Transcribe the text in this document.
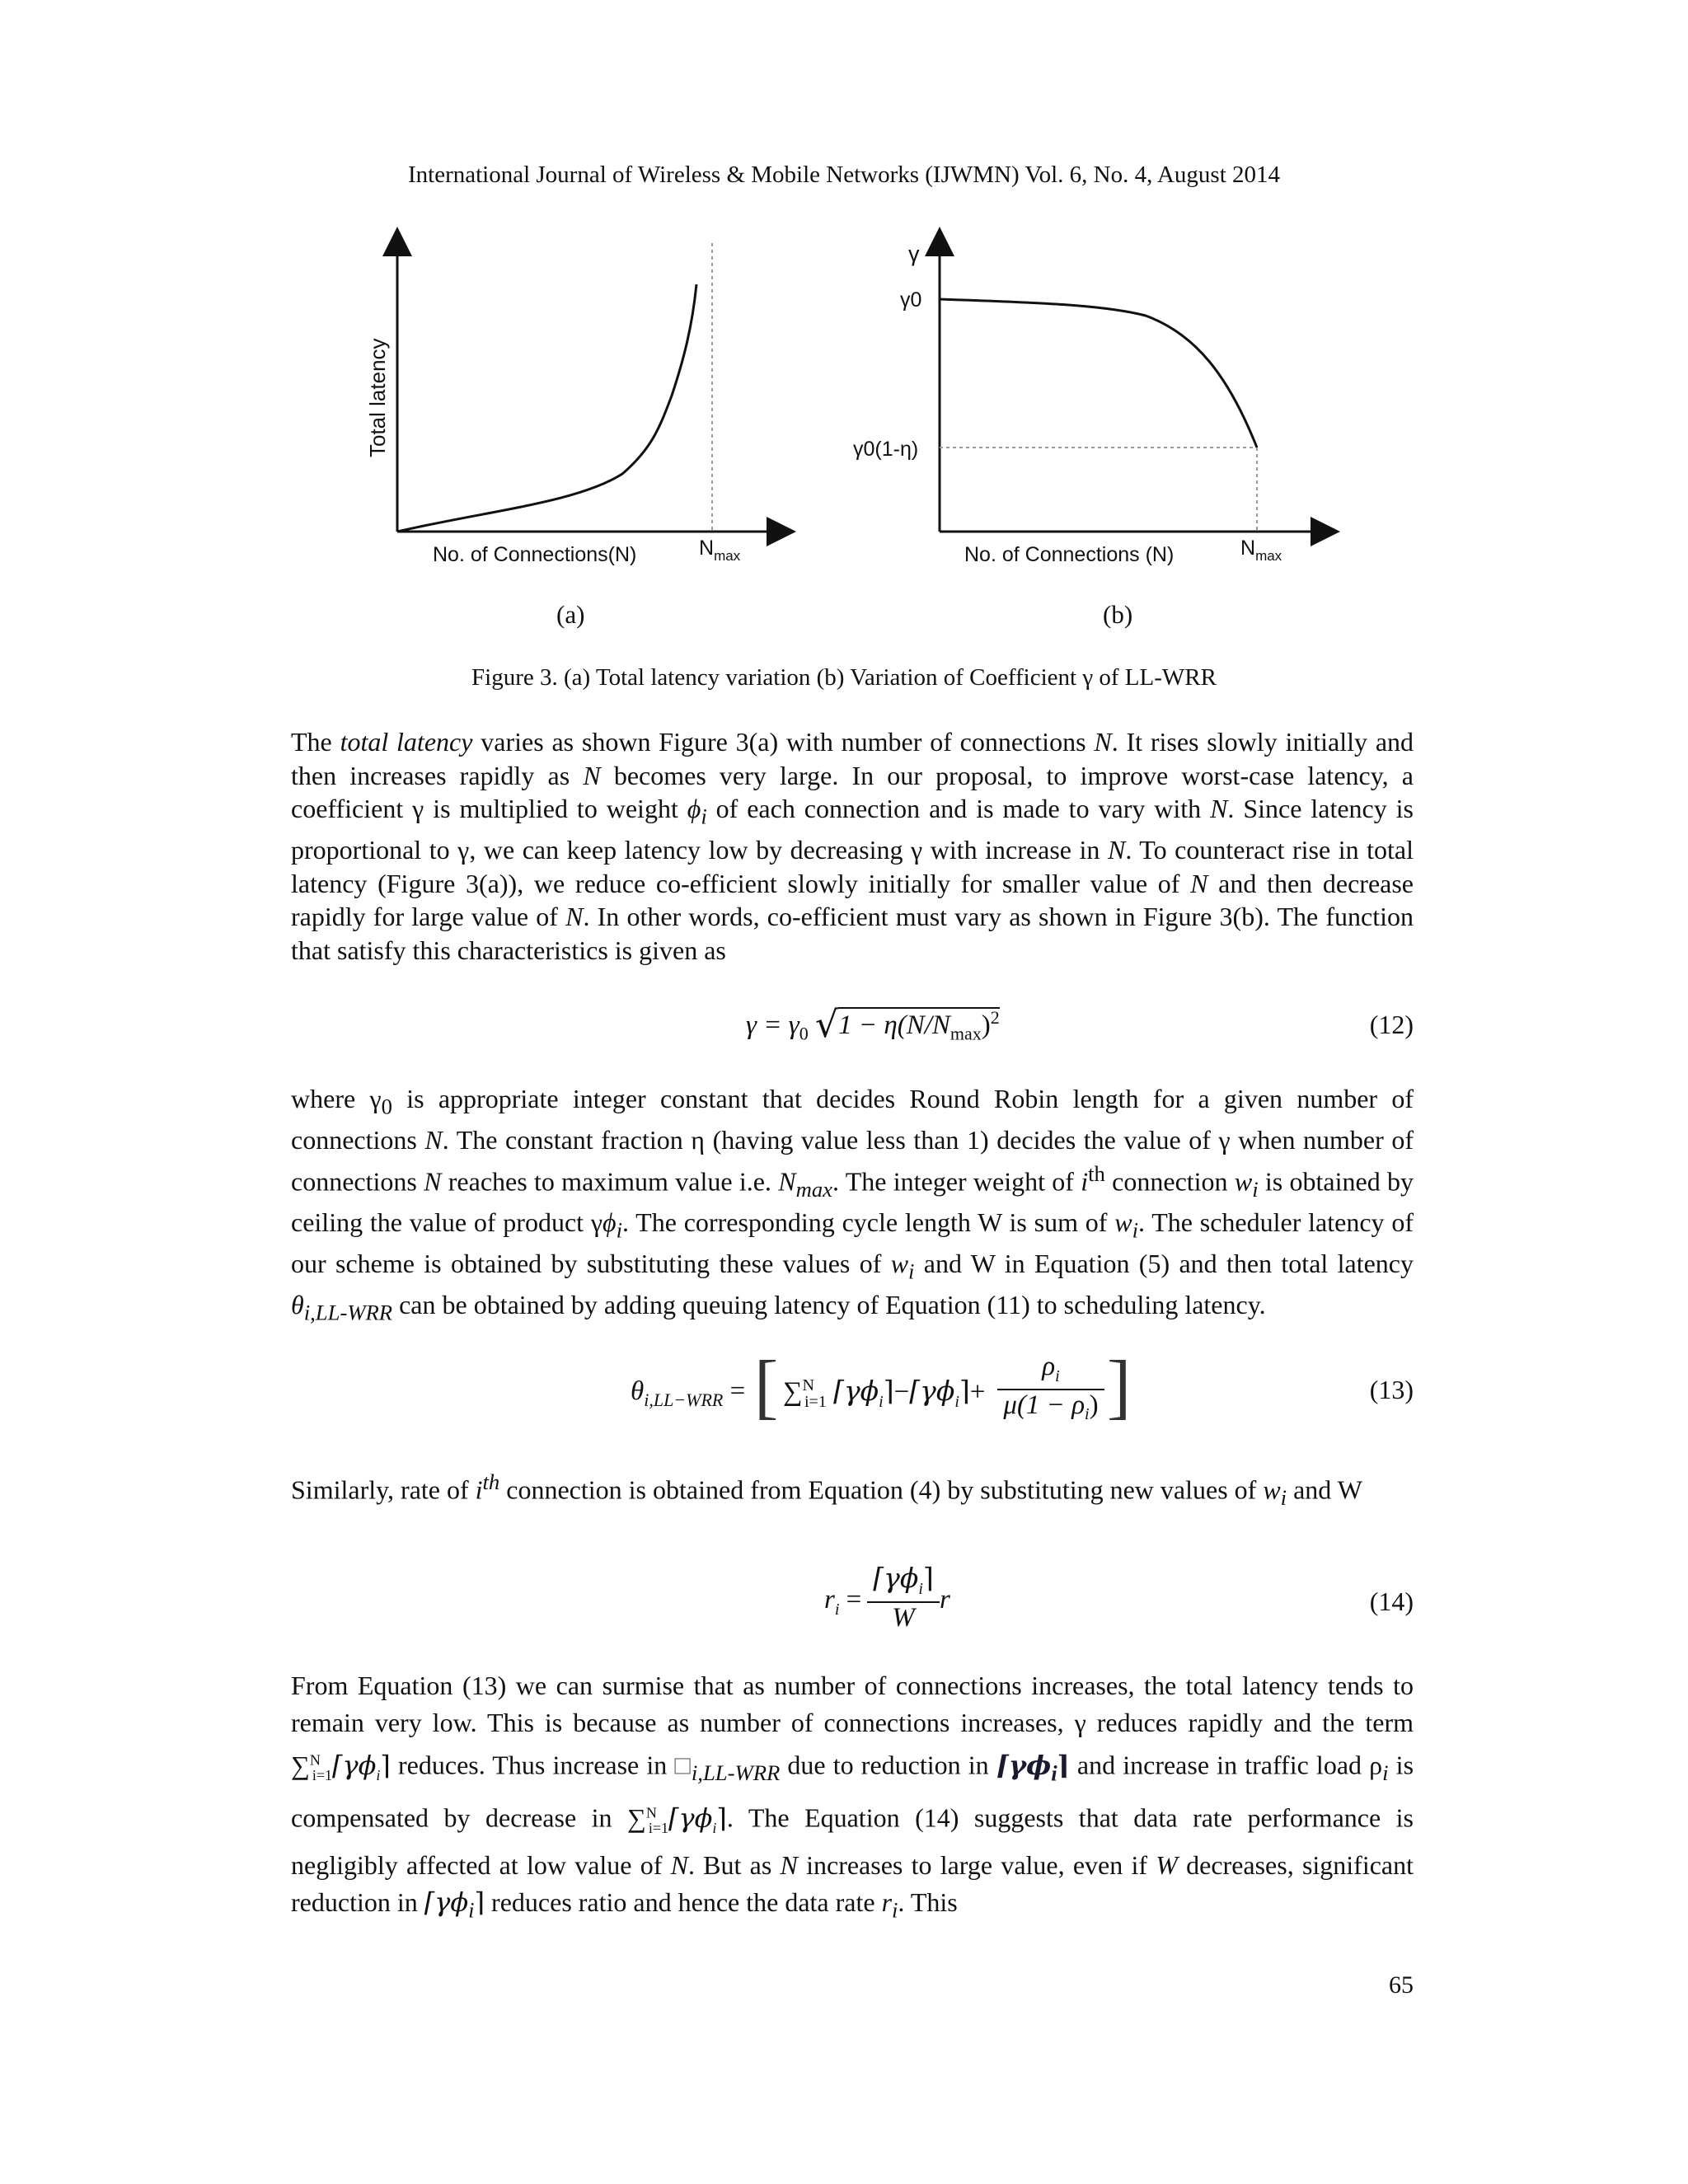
International Journal of Wireless & Mobile Networks (IJWMN) Vol. 6, No. 4, August 2014
Total latency
No. of Connections(N)	$N_{max}$
γ
γ0
γ0(1-η)
No. of Connections (N)	$N_{max}$
(a)	(b)
Figure 3. (a) Total latency variation (b) Variation of Coefficient γ of LL-WRR
The total latency varies as shown Figure 3(a) with number of connections N. It rises slowly initially and then increases rapidly as N becomes very large. In our proposal, to improve worst-case latency, a coefficient γ is multiplied to weight $\phi_i$ of each connection and is made to vary with N. Since latency is proportional to γ, we can keep latency low by decreasing γ with increase in N. To counteract rise in total latency (Figure 3(a)), we reduce co-efficient slowly initially for smaller value of N and then decrease rapidly for large value of N. In other words, co-efficient must vary as shown in Figure 3(b). The function that satisfy this characteristics is given as
$\gamma = \gamma_0$ $√1 - \eta(N/N_{max})^2$	(12)
where $\gamma_0$ is appropriate integer constant that decides Round Robin length for a given number of connections N. The constant fraction η (having value less than 1) decides the value of γ when number of connections N reaches to maximum value i.e. $N_{max}$. The integer weight of $i^{th}$ connection $w_i$ is obtained by ceiling the value of product $\gamma\phi_i$. The corresponding cycle length W is sum of $w_i$. The scheduler latency of our scheme is obtained by substituting these values of $w_i$ and W in Equation (5) and then total latency $\theta_{i,LL-WRR}$ can be obtained by adding queuing latency of Equation (11) to scheduling latency.
$\theta_{i,LL-WRR}$ = [ ∑$^N_{i=1}$ $⌈\gamma\phi_i⌉-⌈\gamma\phi_i⌉+$
$\rho_i$
$\mu(1 - \rho_i)$ ]	(13)
Similarly, rate of $i^{th}$ connection is obtained from Equation (4) by substituting new values of $w_i$ and W
$r_i$ =
$⌈\gamma\phi_i⌉$
W
r	(14)
From Equation (13) we can surmise that as number of connections increases, the total latency tends to remain very low. This is because as number of connections increases, γ reduces rapidly and the term $\sum^N_{i=1}⌈\gamma\phi_i⌉$ reduces. Thus increase in $□_{i,LL-WRR}$ due to reduction in $⌈\gamma\phi_i⌉$ and increase in traffic load $\rho_i$ is compensated by decrease in $\sum^N_{i=1}⌈\gamma\phi_i⌉$. The Equation (14) suggests that data rate performance is negligibly affected at low value of N. But as N increases to large value, even if W decreases, significant reduction in $⌈\gamma\phi_i⌉$ reduces ratio and hence the data rate $r_i$. This
65
